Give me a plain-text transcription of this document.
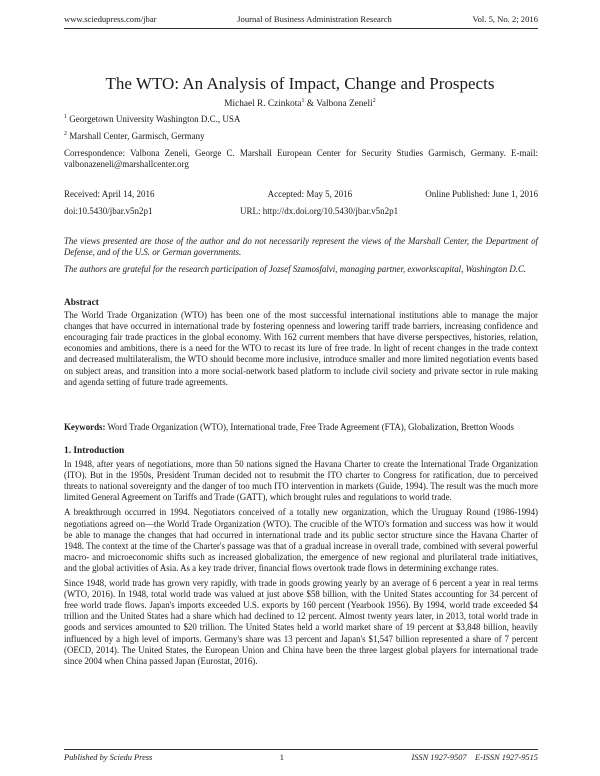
www.sciedupress.com/jbar	Journal of Business Administration Research	Vol. 5, No. 2; 2016
The WTO: An Analysis of Impact, Change and Prospects
Michael R. Czinkota$^1$ & Valbona Zeneli$^2$
$^1$ Georgetown University Washington D.C., USA
$^2$ Marshall Center, Garmisch, Germany
Correspondence: Valbona Zeneli, George C. Marshall European Center for Security Studies Garmisch, Germany. E-mail: valbonazeneli@marshallcenter.org
Received: April 14, 2016	Accepted: May 5, 2016	Online Published: June 1, 2016
doi:10.5430/jbar.v5n2p1	URL: http://dx.doi.org/10.5430/jbar.v5n2p1
The views presented are those of the author and do not necessarily represent the views of the Marshall Center, the Department of Defense, and of the U.S. or German governments.
The authors are grateful for the research participation of Jozsef Szamosfalvi, managing partner, exworkscapital, Washington D.C.
Abstract

The World Trade Organization (WTO) has been one of the most successful international institutions able to manage the major changes that have occurred in international trade by fostering openness and lowering tariff trade barriers, increasing confidence and encouraging fair trade practices in the global economy. With 162 current members that have diverse perspectives, histories, relation, economies and ambitions, there is a need for the WTO to recast its lure of free trade. In light of recent changes in the trade context and decreased multilateralism, the WTO should become more inclusive, introduce smaller and more limited negotiation events based on subject areas, and transition into a more social-network based platform to include civil society and private sector in rule making and agenda setting of future trade agreements.

Keywords: Word Trade Organization (WTO), International trade, Free Trade Agreement (FTA), Globalization, Bretton Woods
1. Introduction

In 1948, after years of negotiations, more than 50 nations signed the Havana Charter to create the International Trade Organization (ITO). But in the 1950s, President Truman decided not to resubmit the ITO charter to Congress for ratification, due to perceived threats to national sovereignty and the danger of too much ITO intervention in markets (Guide, 1994). The result was the much more limited General Agreement on Tariffs and Trade (GATT), which brought rules and regulations to world trade.

A breakthrough occurred in 1994. Negotiators conceived of a totally new organization, which the Uruguay Round (1986-1994) negotiations agreed on—the World Trade Organization (WTO). The crucible of the WTO's formation and success was how it would be able to manage the changes that had occurred in international trade and its public sector structure since the Havana Charter of 1948. The context at the time of the Charter's passage was that of a gradual increase in overall trade, combined with several powerful macro- and microeconomic shifts such as increased globalization, the emergence of new regional and plurilateral trade initiatives, and the global activities of Asia. As a key trade driver, financial flows overtook trade flows in determining exchange rates.

Since 1948, world trade has grown very rapidly, with trade in goods growing yearly by an average of 6 percent a year in real terms (WTO, 2016). In 1948, total world trade was valued at just above $58 billion, with the United States accounting for 34 percent of free world trade flows. Japan's imports exceeded U.S. exports by 160 percent (Yearbook 1956). By 1994, world trade exceeded $4 trillion and the United States had a share which had declined to 12 percent. Almost twenty years later, in 2013, total world trade in goods and services amounted to $20 trillion. The United States held a world market share of 19 percent at $3,848 billion, heavily influenced by a high level of imports. Germany's share was 13 percent and Japan's $1,547 billion represented a share of 7 percent (OECD, 2014). The United States, the European Union and China have been the three largest global players for international trade since 2004 when China passed Japan (Eurostat, 2016).

Published by Sciedu Press	1	ISSN 1927-9507 E-ISSN 1927-9515
